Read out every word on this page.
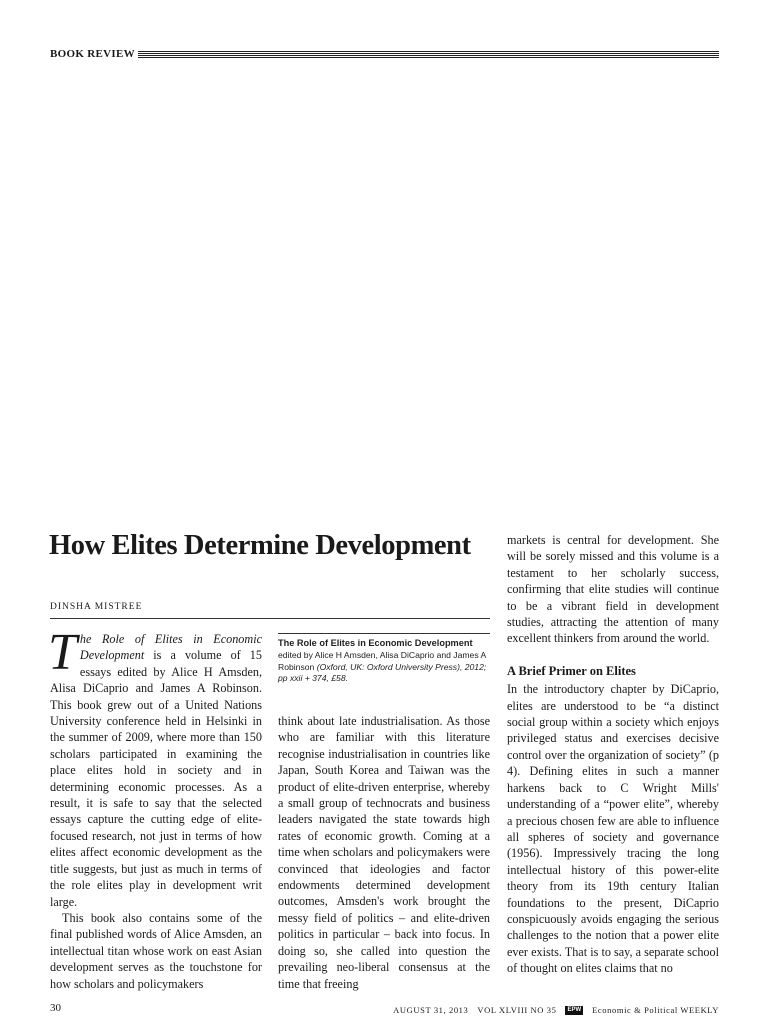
BOOK REVIEW
How Elites Determine Development
DINSHA MISTREE

The Role of Elites in Economic Development is a volume of 15 essays edited by Alice H Amsden, Alisa DiCaprio and James A Robinson. This book grew out of a United Nations University conference held in Helsinki in the summer of 2009, where more than 150 scholars participated in examining the place elites hold in society and in determining economic processes. As a result, it is safe to say that the selected essays capture the cutting edge of elite-focused research, not just in terms of how elites affect economic development as the title suggests, but just as much in terms of the role elites play in development writ large.

This book also contains some of the final published words of Alice Amsden, an intellectual titan whose work on east Asian development serves as the touchstone for how scholars and policymakers

The Role of Elites in Economic Development
edited by Alice H Amsden, Alisa DiCaprio and James A Robinson (Oxford, UK: Oxford University Press), 2012; pp xxii + 374, £58.

think about late industrialisation. As those who are familiar with this literature recognise industrialisation in countries like Japan, South Korea and Taiwan was the product of elite-driven enterprise, whereby a small group of technocrats and business leaders navigated the state towards high rates of economic growth. Coming at a time when scholars and policymakers were convinced that ideologies and factor endowments determined development outcomes, Amsden's work brought the messy field of politics – and elite-driven politics in particular – back into focus. In doing so, she called into question the prevailing neo-liberal consensus at the time that freeing

markets is central for development. She will be sorely missed and this volume is a testament to her scholarly success, confirming that elite studies will continue to be a vibrant field in development studies, attracting the attention of many excellent thinkers from around the world.

A Brief Primer on Elites

In the introductory chapter by DiCaprio, elites are understood to be “a distinct social group within a society which enjoys privileged status and exercises decisive control over the organization of society” (p 4). Defining elites in such a manner harkens back to C Wright Mills' understanding of a “power elite”, whereby a precious chosen few are able to influence all spheres of society and governance (1956). Impressively tracing the long intellectual history of this power-elite theory from its 19th century Italian foundations to the present, DiCaprio conspicuously avoids engaging the serious challenges to the notion that a power elite ever exists. That is to say, a separate school of thought on elites claims that no

30	AUGUST 31, 2013 VOL XLVIII NO 35	EPW Economic & Political WEEKLY
